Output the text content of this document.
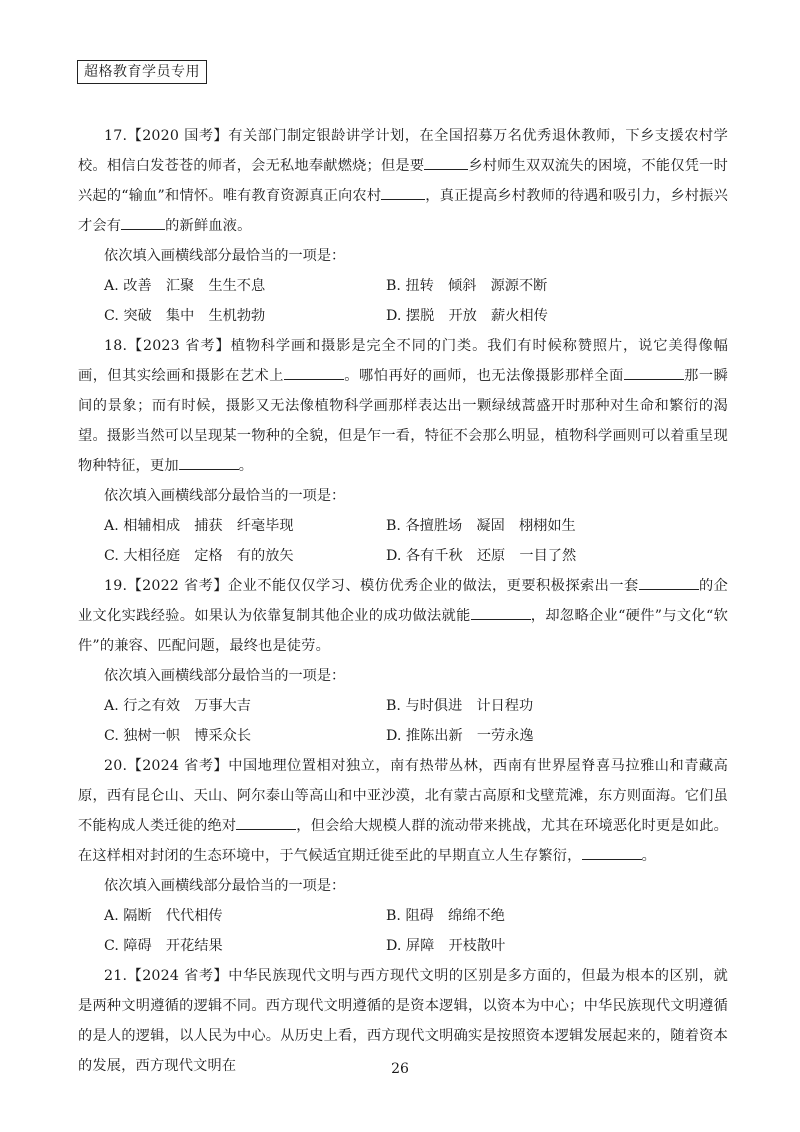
超格教育学员专用

17.【2020 国考】有关部门制定银龄讲学计划，在全国招募万名优秀退休教师，下乡支援农村学校。相信白发苍苍的师者，会无私地奉献燃烧；但是要	乡村师生双双流失的困境，不能仅凭一时兴起的“输血”和情怀。唯有教育资源真正向农村	，真正提高乡村教师的待遇和吸引力，乡村振兴才会有	的新鲜血液。

依次填入画横线部分最恰当的一项是：

A. 改善　汇聚　生生不息	B. 扭转　倾斜　源源不断
C. 突破　集中　生机勃勃	D. 摆脱　开放　薪火相传

18.【2023 省考】植物科学画和摄影是完全不同的门类。我们有时候称赞照片，说它美得像幅画，但其实绘画和摄影在艺术上	。哪怕再好的画师，也无法像摄影那样全面	那一瞬间的景象；而有时候，摄影又无法像植物科学画那样表达出一颗绿绒蒿盛开时那种对生命和繁衍的渴望。摄影当然可以呈现某一物种的全貌，但是乍一看，特征不会那么明显，植物科学画则可以着重呈现物种特征，更加	。

依次填入画横线部分最恰当的一项是：

A. 相辅相成　捕获　纤毫毕现	B. 各擅胜场　凝固　栩栩如生
C. 大相径庭　定格　有的放矢	D. 各有千秋　还原　一目了然

19.【2022 省考】企业不能仅仅学习、模仿优秀企业的做法，更要积极探索出一套	的企业文化实践经验。如果认为依靠复制其他企业的成功做法就能	，却忽略企业“硬件”与文化“软件”的兼容、匹配问题，最终也是徒劳。

依次填入画横线部分最恰当的一项是：

A. 行之有效　万事大吉	B. 与时俱进　计日程功
C. 独树一帜　博采众长	D. 推陈出新　一劳永逸

20.【2024 省考】中国地理位置相对独立，南有热带丛林，西南有世界屋脊喜马拉雅山和青藏高原，西有昆仑山、天山、阿尔泰山等高山和中亚沙漠，北有蒙古高原和戈壁荒滩，东方则面海。它们虽不能构成人类迁徙的绝对	，但会给大规模人群的流动带来挑战，尤其在环境恶化时更是如此。在这样相对封闭的生态环境中，于气候适宜期迁徙至此的早期直立人生存繁衍，	。

依次填入画横线部分最恰当的一项是：

A. 隔断　代代相传	B. 阻碍　绵绵不绝
C. 障碍　开花结果	D. 屏障　开枝散叶

21.【2024 省考】中华民族现代文明与西方现代文明的区别是多方面的，但最为根本的区别，就是两种文明遵循的逻辑不同。西方现代文明遵循的是资本逻辑，以资本为中心；中华民族现代文明遵循的是人的逻辑，以人民为中心。从历史上看，西方现代文明确实是按照资本逻辑发展起来的，随着资本的发展，西方现代文明在	26
